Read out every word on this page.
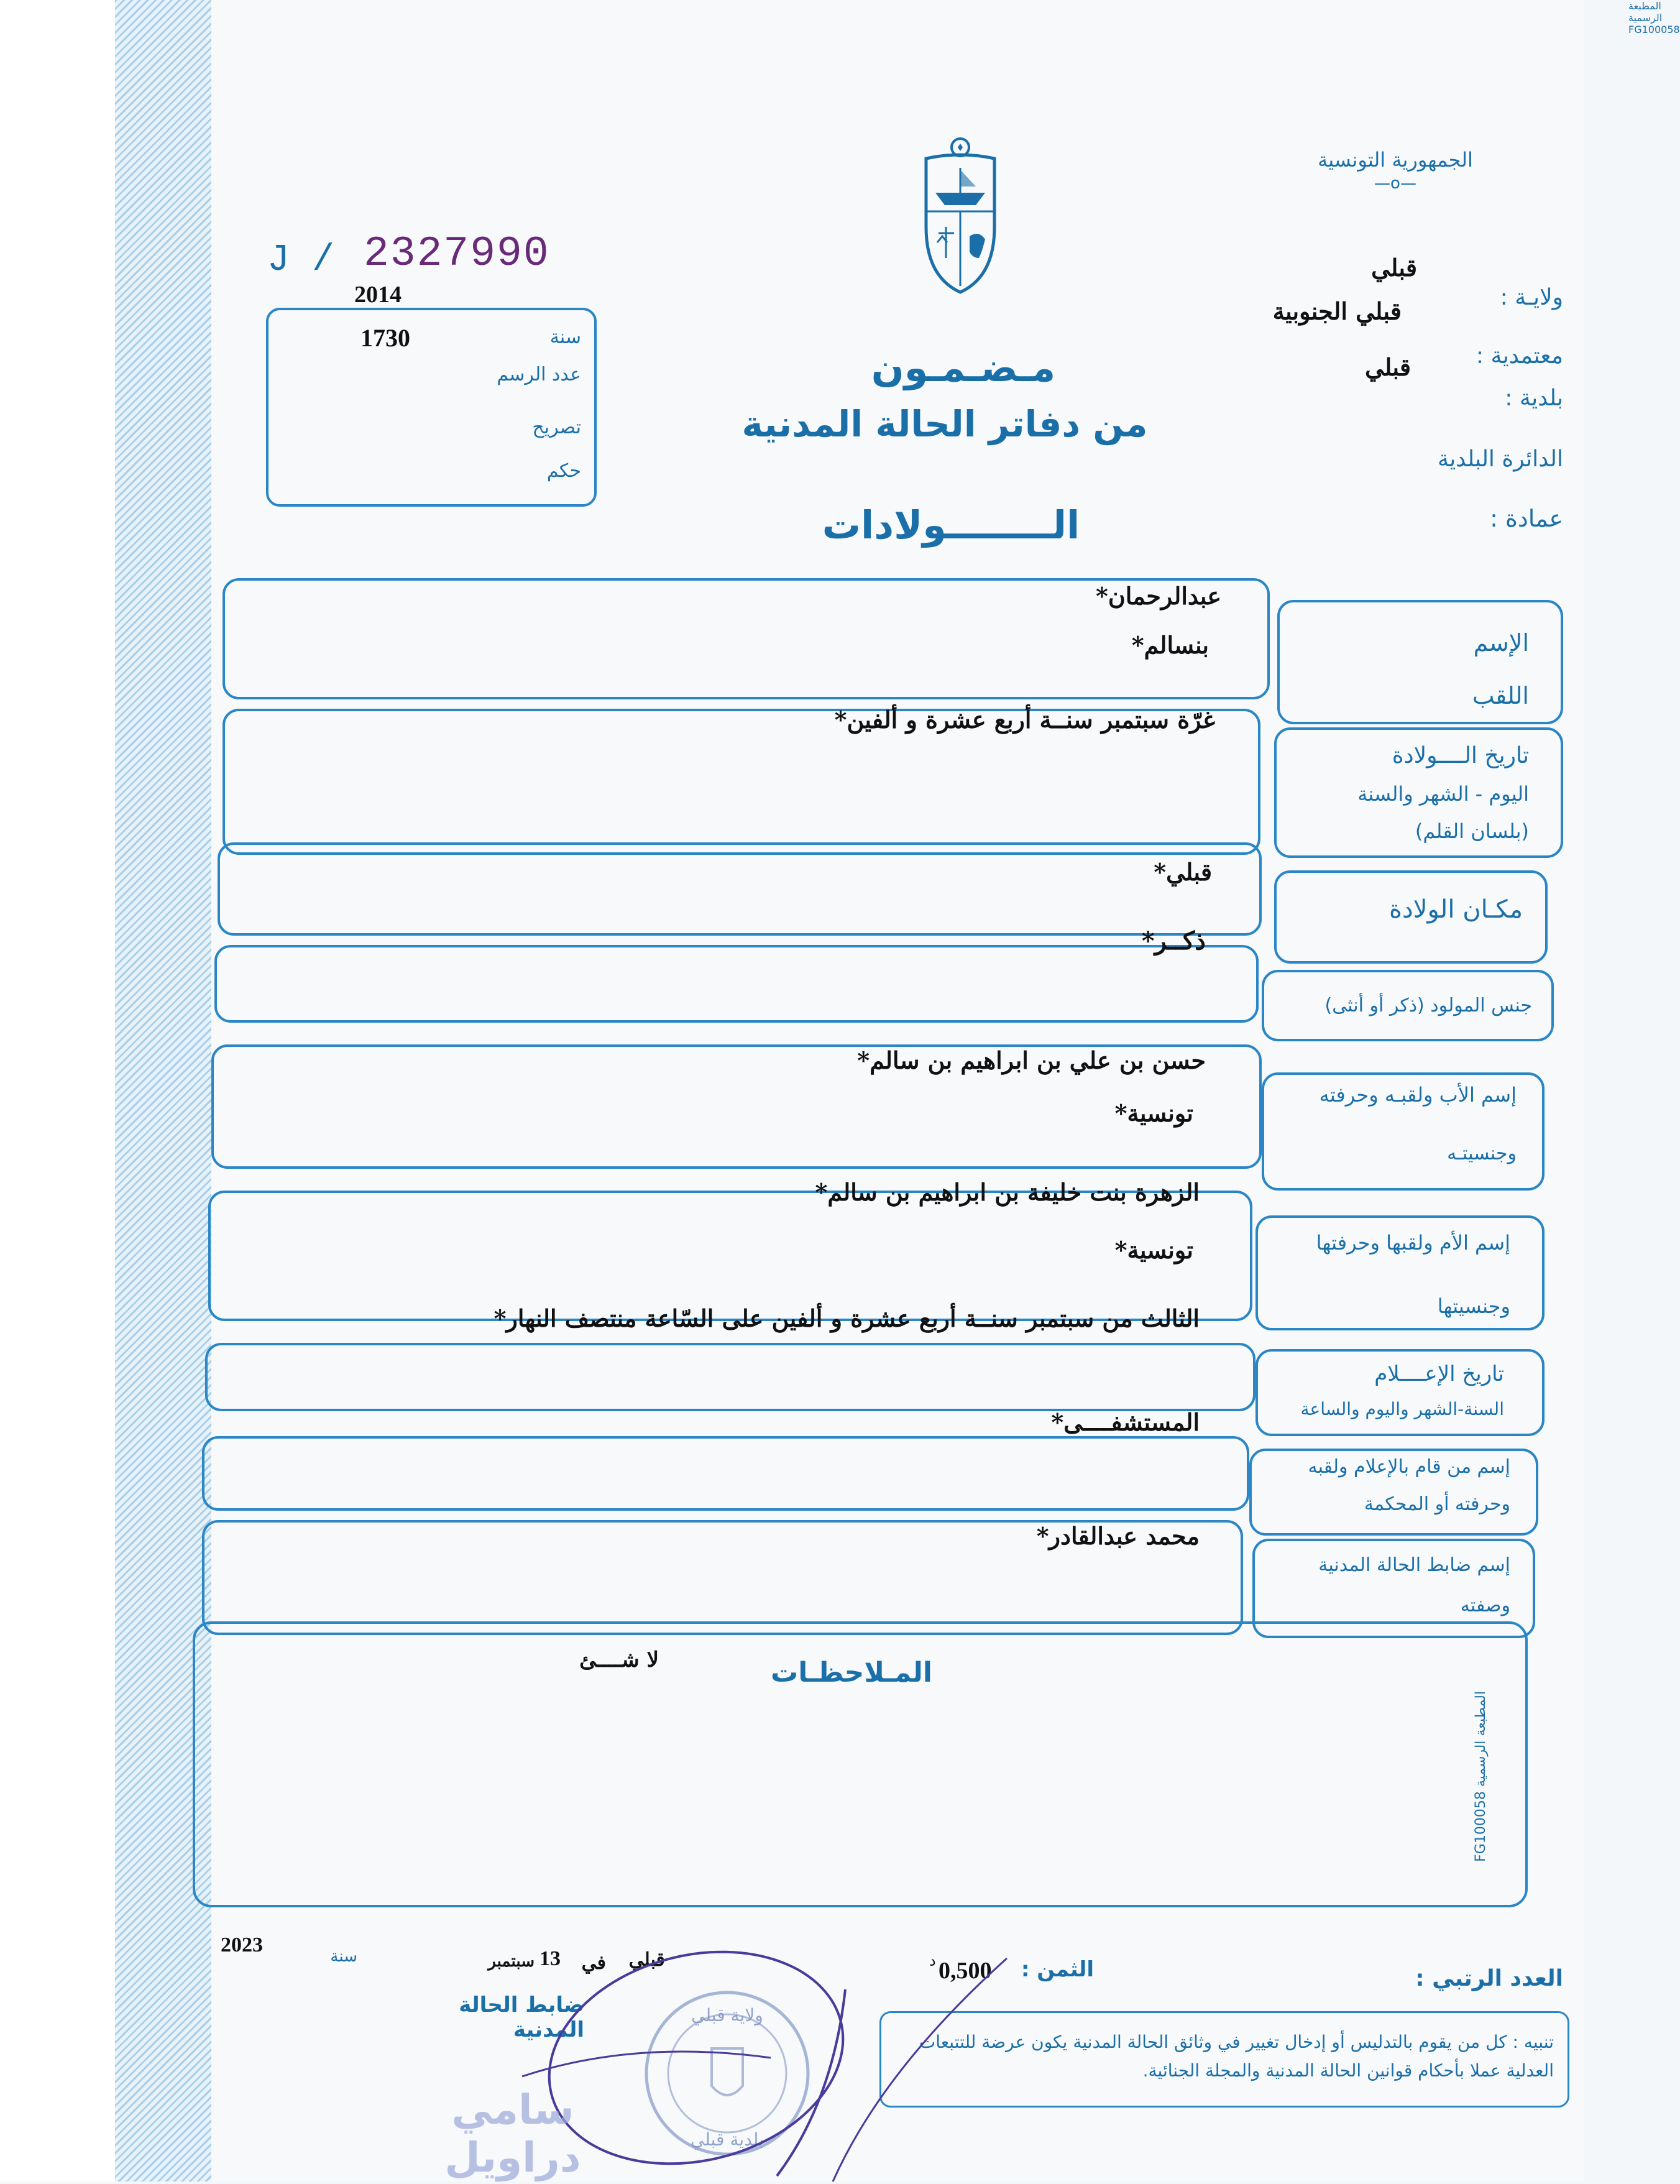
الجمهورية التونسية
—o—
J / 2327990
2014
سنة
1730
عدد الرسم
تصريح
حكم
قبلي
ولايـة :
قبلي الجنوبية
معتمدية :
قبلي
بلدية :
الدائرة البلدية
عمادة :
مـضـمـون
من دفاتر الحالة المدنية
الــــــــولادات
الإسم
اللقب
عبدالرحمان *
بنسالم *
تاريخ الــــولادة
اليوم - الشهر والسنة
(بلسان القلم)
غرّة سبتمبر سنــة أربع عشرة و ألفين *
مكـان الولادة
قبلي *
جنس المولود (ذكر أو أنثى)
ذكــر *
إسم الأب ولقبـه وحرفته
وجنسيتـه
حسن بن علي بن ابراهيم بن سالم *
تونسية *
إسم الأم ولقبها وحرفتها
وجنسيتها
الزهرة بنت خليفة بن ابراهيم بن سالم *
تونسية *
تاريخ الإعــــلام
السنة-الشهر واليوم والساعة
الثالث من سبتمبر سنــة أربع عشرة و ألفين على السّاعة منتصف النهار *
إسم من قام بالإعلام ولقبه
وحرفته أو المحكمة
المستشفــــى *
إسم ضابط الحالة المدنية
وصفته
محمد عبدالقادر *
المـلاحظـات
لا شــــئ
المطبعة الرسمية FG100058
المطبعة الرسمية FG100058
قبلي
في
13
سبتمبر
سنة
2023
ضابط الحالة المدنية
الثمن :
0,500
د
العدد الرتبي :
تنبيه : كل من يقوم بالتدليس أو إدخال تغيير في وثائق الحالة المدنية يكون عرضة للتتبعات العدلية عملا بأحكام قوانين الحالة المدنية والمجلة الجنائية.
ولاية قبلي
بلدية قبلي
سامي دراويل
